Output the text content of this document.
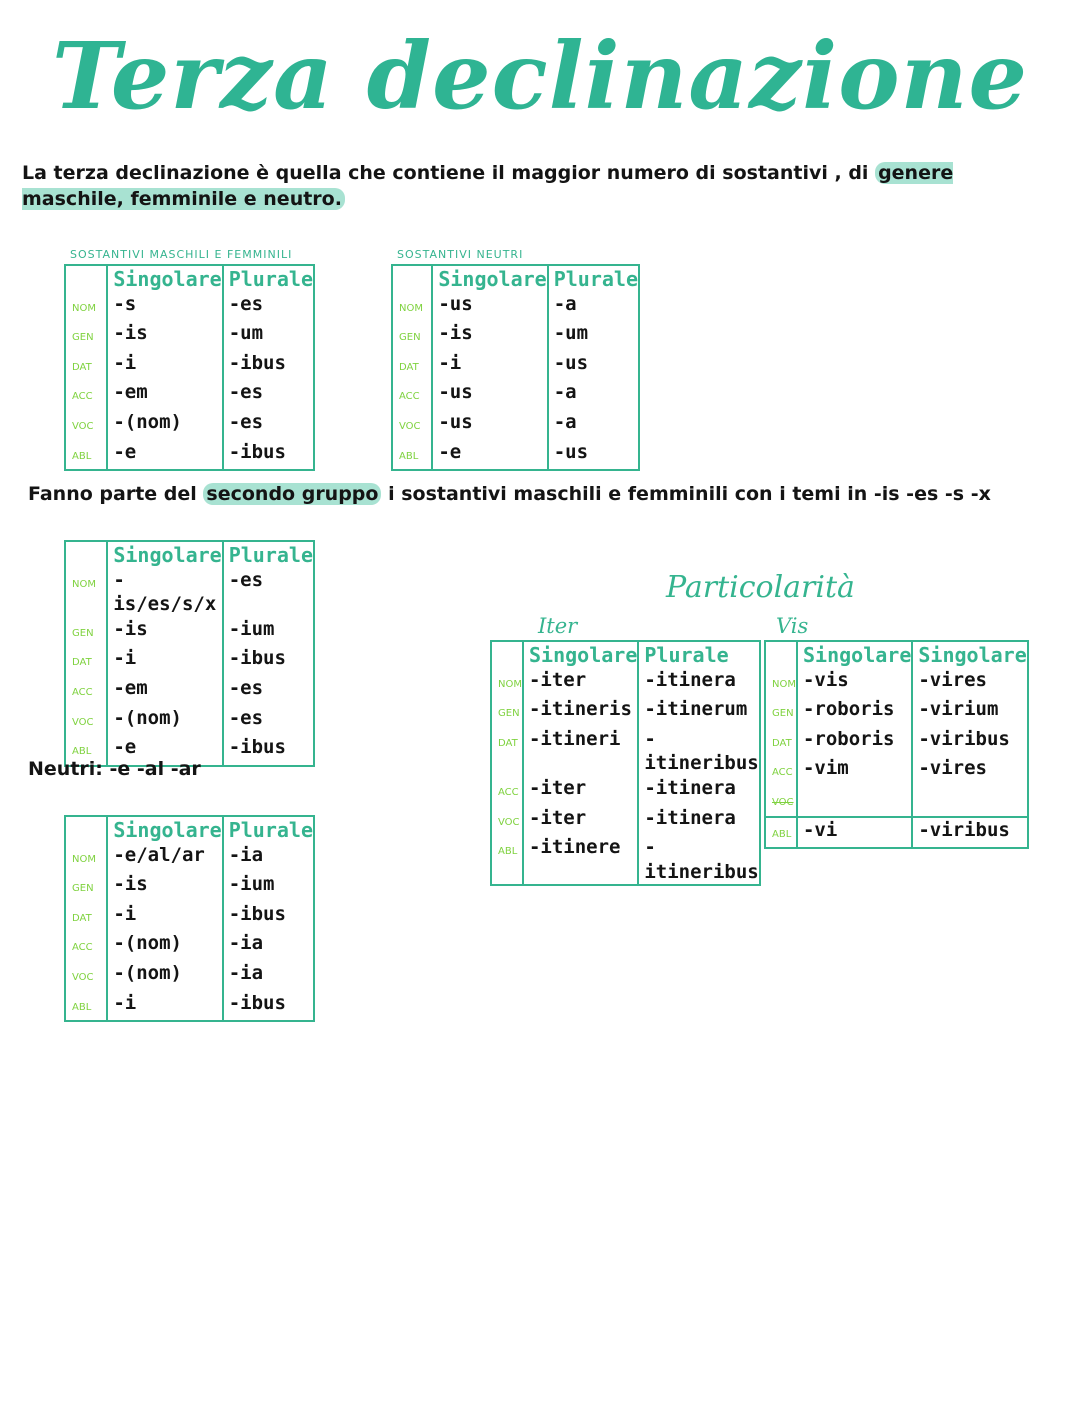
Terza declinazione

La terza declinazione è quella che contiene il maggior numero di sostantivi , di genere maschile, femminile e neutro.

SOSTANTIVI MASCHILI E FEMMINILI
	Singolare	Plurale
NOM	-s	-es
GEN	-is	-um
DAT	-i	-ibus
ACC	-em	-es
VOC	-(nom)	-es
ABL	-e	-ibus

SOSTANTIVI NEUTRI
	Singolare	Plurale
NOM	-us	-a
GEN	-is	-um
DAT	-i	-us
ACC	-us	-a
VOC	-us	-a
ABL	-e	-us

Fanno parte del secondo gruppo i sostantivi maschili e femminili con i temi in -is -es -s -x

	Singolare	Plurale
NOM	-is/es/s/x	-es
GEN	-is	-ium
DAT	-i	-ibus
ACC	-em	-es
VOC	-(nom)	-es
ABL	-e	-ibus

Neutri: -e -al -ar

	Singolare	Plurale
NOM	-e/al/ar	-ia
GEN	-is	-ium
DAT	-i	-ibus
ACC	-(nom)	-ia
VOC	-(nom)	-ia
ABL	-i	-ibus

Particolarità
Iter
	Singolare	Plurale
NOM	-iter	-itinera
GEN	-itineris	-itinerum
DAT	-itineri	-itineribus
ACC	-iter	-itinera
VOC	-iter	-itinera
ABL	-itinere	-itineribus

Vis
	Singolare	Singolare
NOM	-vis	-vires
GEN	-roboris	-virium
DAT	-roboris	-viribus
ACC	-vim	-vires
VOC		
ABL	-vi	-viribus
